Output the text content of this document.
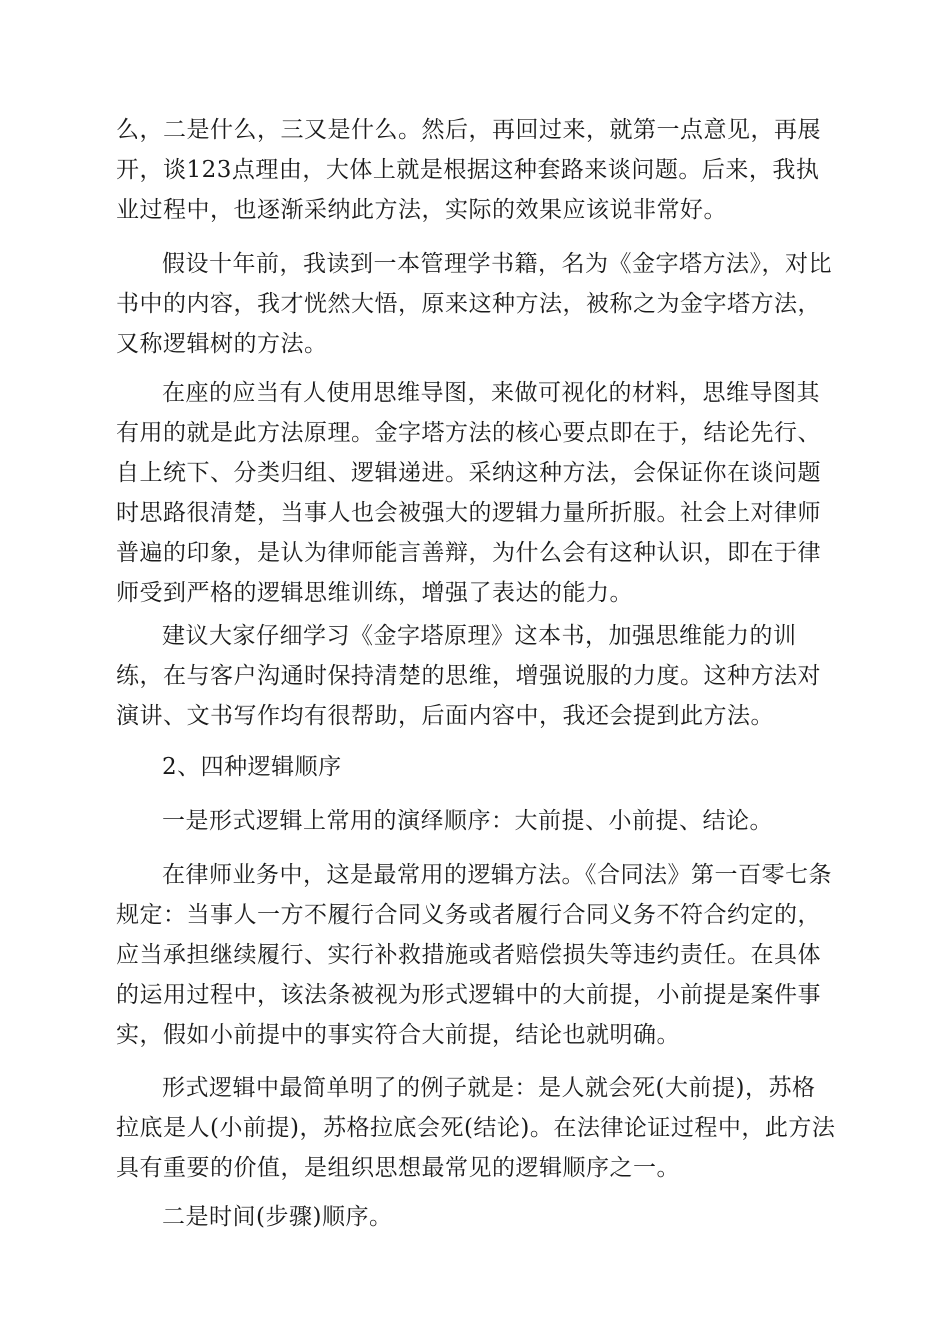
么，二是什么，三又是什么。然后，再回过来，就第一点意见，再展开，谈123点理由，大体上就是根据这种套路来谈问题。后来，我执业过程中，也逐渐采纳此方法，实际的效果应该说非常好。

假设十年前，我读到一本管理学书籍，名为《金字塔方法》，对比书中的内容，我才恍然大悟，原来这种方法，被称之为金字塔方法，又称逻辑树的方法。

在座的应当有人使用思维导图，来做可视化的材料，思维导图其有用的就是此方法原理。金字塔方法的核心要点即在于，结论先行、自上统下、分类归组、逻辑递进。采纳这种方法，会保证你在谈问题时思路很清楚，当事人也会被强大的逻辑力量所折服。社会上对律师普遍的印象，是认为律师能言善辩，为什么会有这种认识，即在于律师受到严格的逻辑思维训练，增强了表达的能力。

建议大家仔细学习《金字塔原理》这本书，加强思维能力的训练，在与客户沟通时保持清楚的思维，增强说服的力度。这种方法对演讲、文书写作均有很帮助，后面内容中，我还会提到此方法。

2、四种逻辑顺序

一是形式逻辑上常用的演绎顺序：大前提、小前提、结论。

在律师业务中，这是最常用的逻辑方法。《合同法》第一百零七条规定：当事人一方不履行合同义务或者履行合同义务不符合约定的，应当承担继续履行、实行补救措施或者赔偿损失等违约责任。在具体的运用过程中，该法条被视为形式逻辑中的大前提，小前提是案件事实，假如小前提中的事实符合大前提，结论也就明确。

形式逻辑中最简单明了的例子就是：是人就会死(大前提)，苏格拉底是人(小前提)，苏格拉底会死(结论)。在法律论证过程中，此方法具有重要的价值，是组织思想最常见的逻辑顺序之一。

二是时间(步骤)顺序。
